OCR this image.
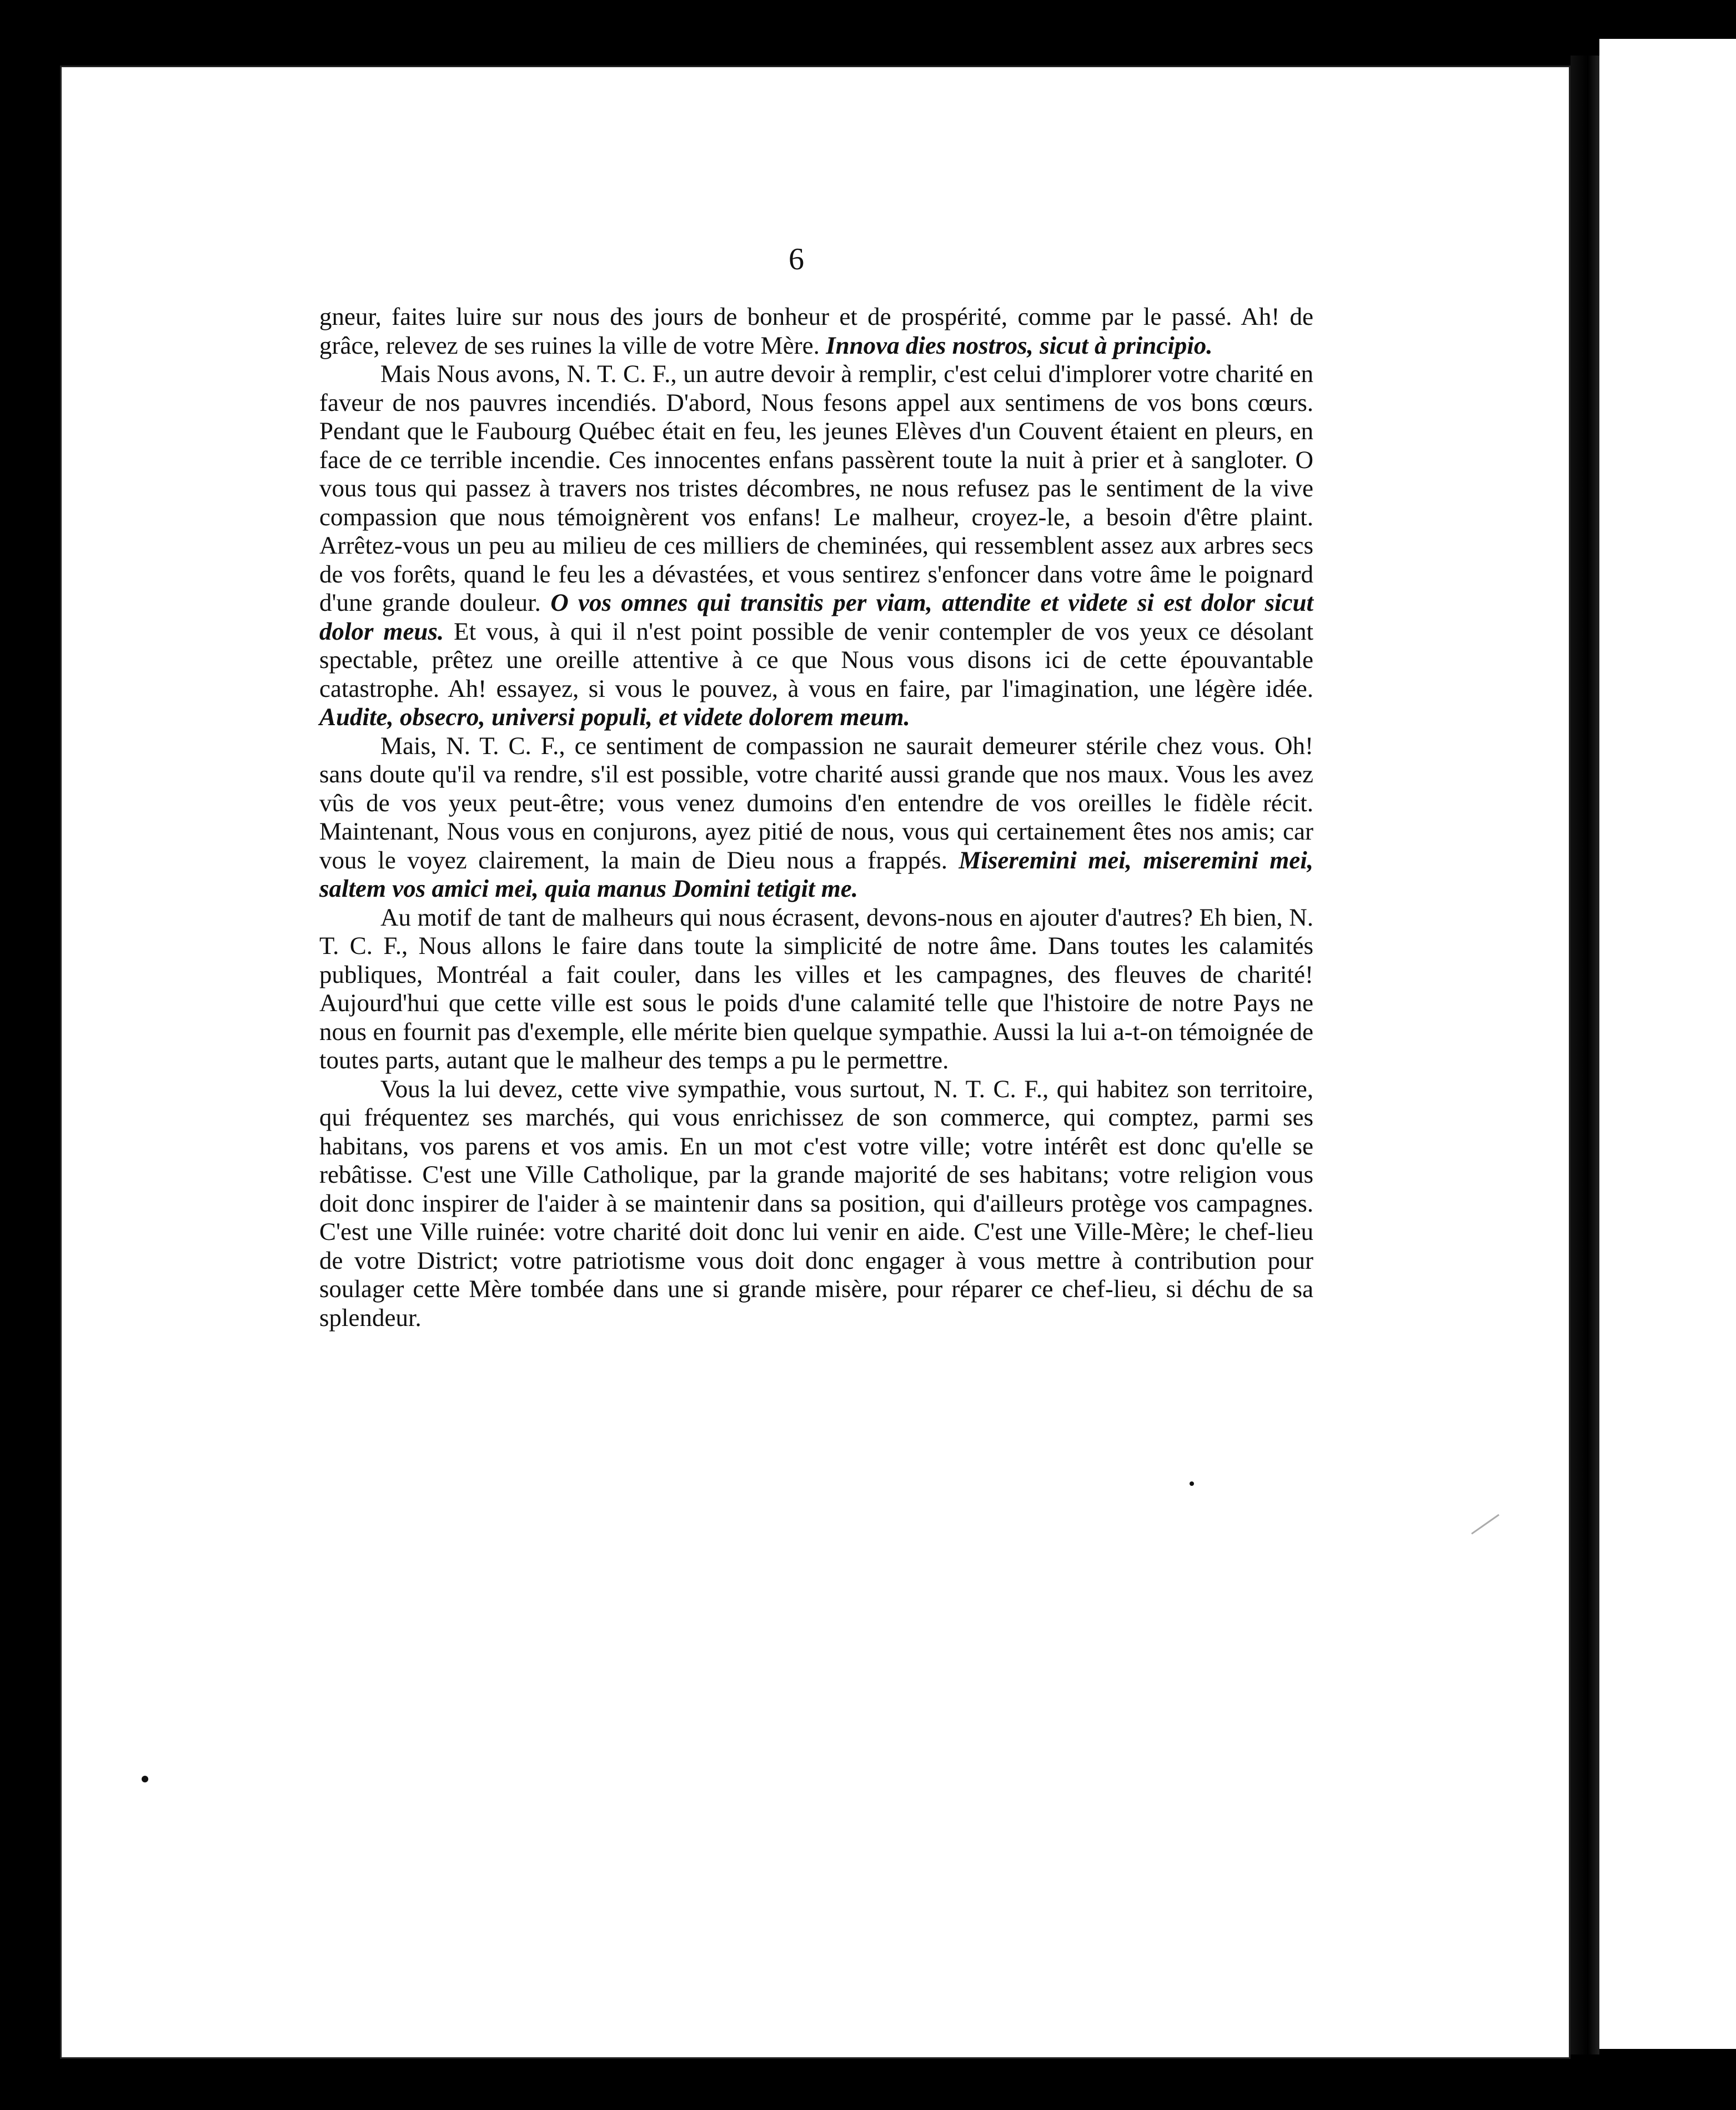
6

gneur, faites luire sur nous des jours de bonheur et de prospérité, comme par le passé. Ah! de grâce, relevez de ses ruines la ville de votre Mère. Innova dies nostros, sicut à principio.

Mais Nous avons, N. T. C. F., un autre devoir à remplir, c'est celui d'implorer votre charité en faveur de nos pauvres incendiés. D'abord, Nous fesons appel aux sentimens de vos bons cœurs. Pendant que le Faubourg Québec était en feu, les jeunes Elèves d'un Couvent étaient en pleurs, en face de ce terrible incendie. Ces innocentes enfans passèrent toute la nuit à prier et à sangloter. O vous tous qui passez à travers nos tristes décombres, ne nous refusez pas le sentiment de la vive compassion que nous témoignèrent vos enfans! Le malheur, croyez-le, a besoin d'être plaint. Arrêtez-vous un peu au milieu de ces milliers de cheminées, qui ressemblent assez aux arbres secs de vos forêts, quand le feu les a dévastées, et vous sentirez s'enfoncer dans votre âme le poignard d'une grande douleur. O vos omnes qui transitis per viam, attendite et videte si est dolor sicut dolor meus. Et vous, à qui il n'est point possible de venir contempler de vos yeux ce désolant spectable, prêtez une oreille attentive à ce que Nous vous disons ici de cette épouvantable catastrophe. Ah! essayez, si vous le pouvez, à vous en faire, par l'imagination, une légère idée. Audite, obsecro, universi populi, et videte dolorem meum.

Mais, N. T. C. F., ce sentiment de compassion ne saurait demeurer stérile chez vous. Oh! sans doute qu'il va rendre, s'il est possible, votre charité aussi grande que nos maux. Vous les avez vûs de vos yeux peut-être; vous venez dumoins d'en entendre de vos oreilles le fidèle récit. Maintenant, Nous vous en conjurons, ayez pitié de nous, vous qui certainement êtes nos amis; car vous le voyez clairement, la main de Dieu nous a frappés. Miseremini mei, miseremini mei, saltem vos amici mei, quia manus Domini tetigit me.

Au motif de tant de malheurs qui nous écrasent, devons-nous en ajouter d'autres? Eh bien, N. T. C. F., Nous allons le faire dans toute la simplicité de notre âme. Dans toutes les calamités publiques, Montréal a fait couler, dans les villes et les campagnes, des fleuves de charité! Aujourd'hui que cette ville est sous le poids d'une calamité telle que l'histoire de notre Pays ne nous en fournit pas d'exemple, elle mérite bien quelque sympathie. Aussi la lui a-t-on témoignée de toutes parts, autant que le malheur des temps a pu le permettre.

Vous la lui devez, cette vive sympathie, vous surtout, N. T. C. F., qui habitez son territoire, qui fréquentez ses marchés, qui vous enrichissez de son commerce, qui comptez, parmi ses habitans, vos parens et vos amis. En un mot c'est votre ville; votre intérêt est donc qu'elle se rebâtisse. C'est une Ville Catholique, par la grande majorité de ses habitans; votre religion vous doit donc inspirer de l'aider à se maintenir dans sa position, qui d'ailleurs protège vos campagnes. C'est une Ville ruinée: votre charité doit donc lui venir en aide. C'est une Ville-Mère; le chef-lieu de votre District; votre patriotisme vous doit donc engager à vous mettre à contribution pour soulager cette Mère tombée dans une si grande misère, pour réparer ce chef-lieu, si déchu de sa splendeur.
